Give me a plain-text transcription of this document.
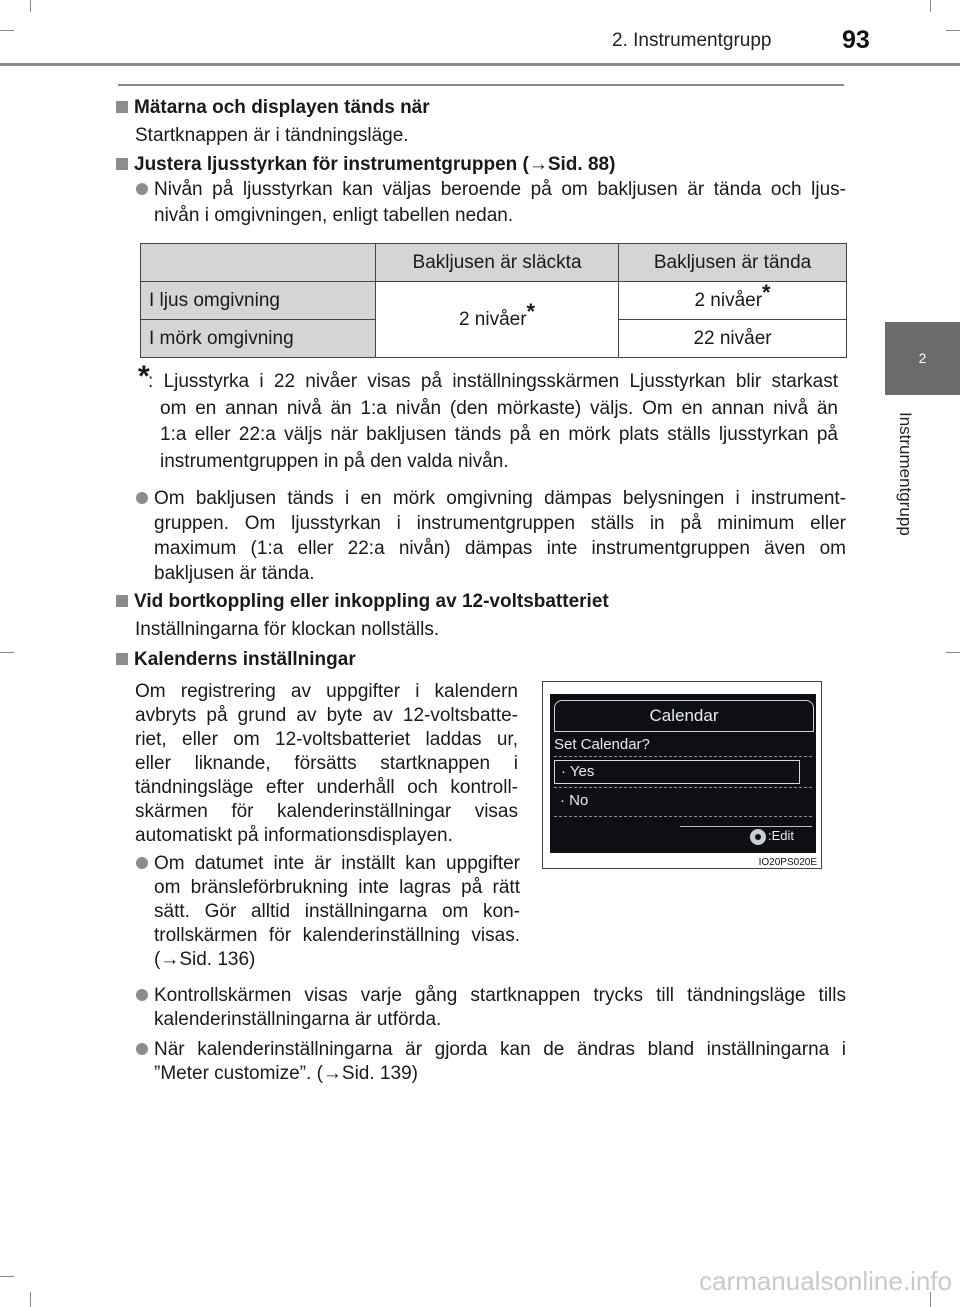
2. Instrumentgrupp	93
2
Instrumentgrupp
Mätarna och displayen tänds när
Startknappen är i tändningsläge.
Justera ljusstyrkan för instrumentgruppen (→Sid. 88)
Nivån på ljusstyrkan kan väljas beroende på om bakljusen är tända och ljus-
nivån i omgivningen, enligt tabellen nedan.
	Bakljusen är släckta	Bakljusen är tända
I ljus omgivning	2 nivåer*	2 nivåer*
I mörk omgivning		22 nivåer
*
: Ljusstyrka i 22 nivåer visas på inställningsskärmen Ljusstyrkan blir starkast
om en annan nivå än 1:a nivån (den mörkaste) väljs. Om en annan nivå än
1:a eller 22:a väljs när bakljusen tänds på en mörk plats ställs ljusstyrkan på
instrumentgruppen in på den valda nivån.
Om bakljusen tänds i en mörk omgivning dämpas belysningen i instrument-
gruppen. Om ljusstyrkan i instrumentgruppen ställs in på minimum eller
maximum (1:a eller 22:a nivån) dämpas inte instrumentgruppen även om
bakljusen är tända.
Vid bortkoppling eller inkoppling av 12-voltsbatteriet
Inställningarna för klockan nollställs.
Kalenderns inställningar
Om registrering av uppgifter i kalendern
avbryts på grund av byte av 12-voltsbatte-
riet, eller om 12-voltsbatteriet laddas ur,
eller liknande, försätts startknappen i
tändningsläge efter underhåll och kontroll-
skärmen för kalenderinställningar visas
automatiskt på informationsdisplayen.
Om datumet inte är inställt kan uppgifter
om bränsleförbrukning inte lagras på rätt
sätt. Gör alltid inställningarna om kon-
trollskärmen för kalenderinställning visas.
(→Sid. 136)
Calendar
Set Calendar?
· Yes
· No
:Edit
IO20PS020E
Kontrollskärmen visas varje gång startknappen trycks till tändningsläge tills
kalenderinställningarna är utförda.
När kalenderinställningarna är gjorda kan de ändras bland inställningarna i
”Meter customize”. (→Sid. 139)
carmanualsonline.info
